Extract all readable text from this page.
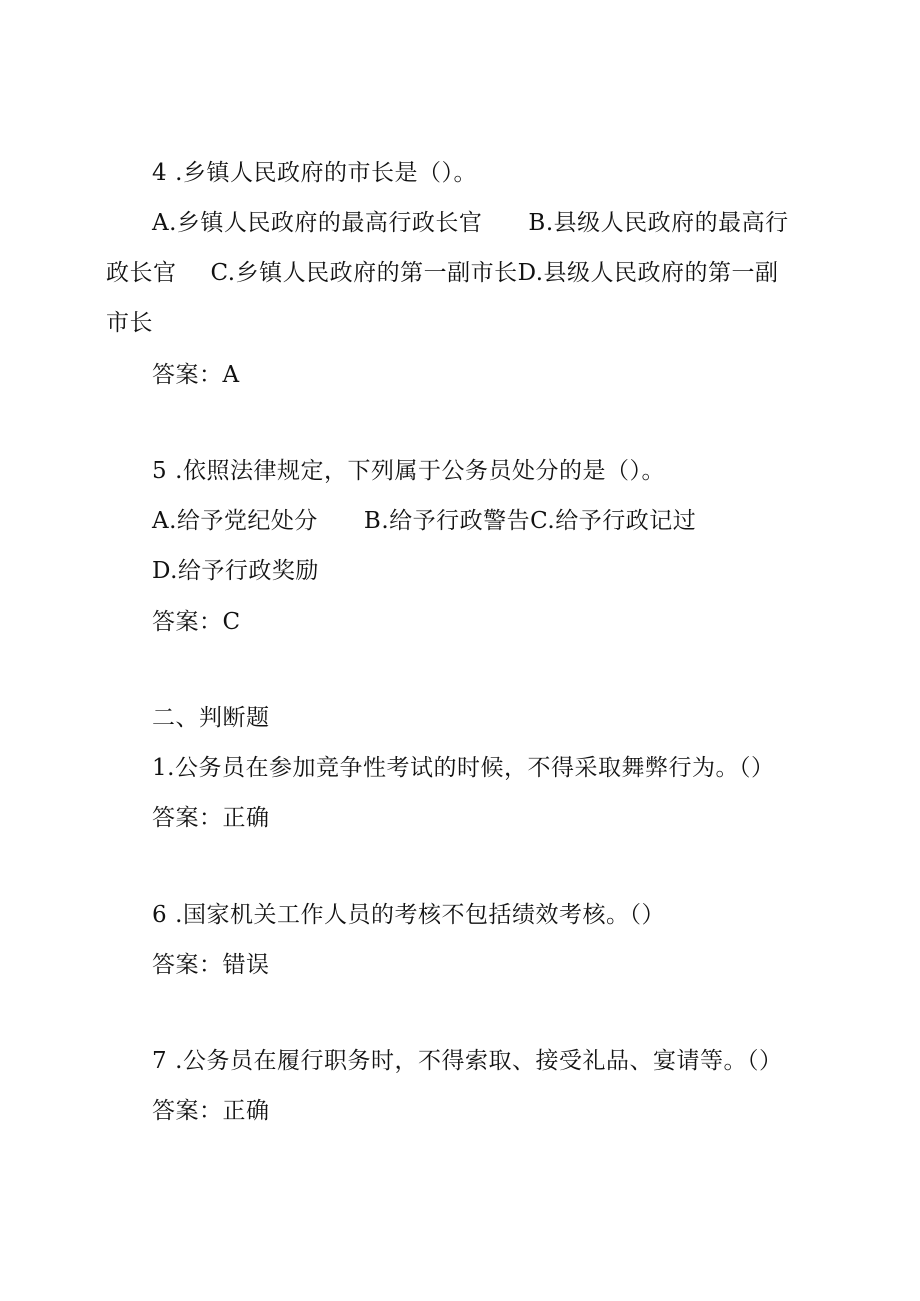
4 .乡镇人民政府的市长是（）。
A.乡镇人民政府的最高行政长官 B.县级人民政府的最高行
政长官 C.乡镇人民政府的第一副市长D.县级人民政府的第一副
市长
答案：A
5 .依照法律规定，下列属于公务员处分的是（）。
A.给予党纪处分 B.给予行政警告C.给予行政记过
D.给予行政奖励
答案：C
二、判断题
1.公务员在参加竞争性考试的时候，不得采取舞弊行为。（）
答案：正确
6 .国家机关工作人员的考核不包括绩效考核。（）
答案：错误
7 .公务员在履行职务时，不得索取、接受礼品、宴请等。（）
答案：正确
